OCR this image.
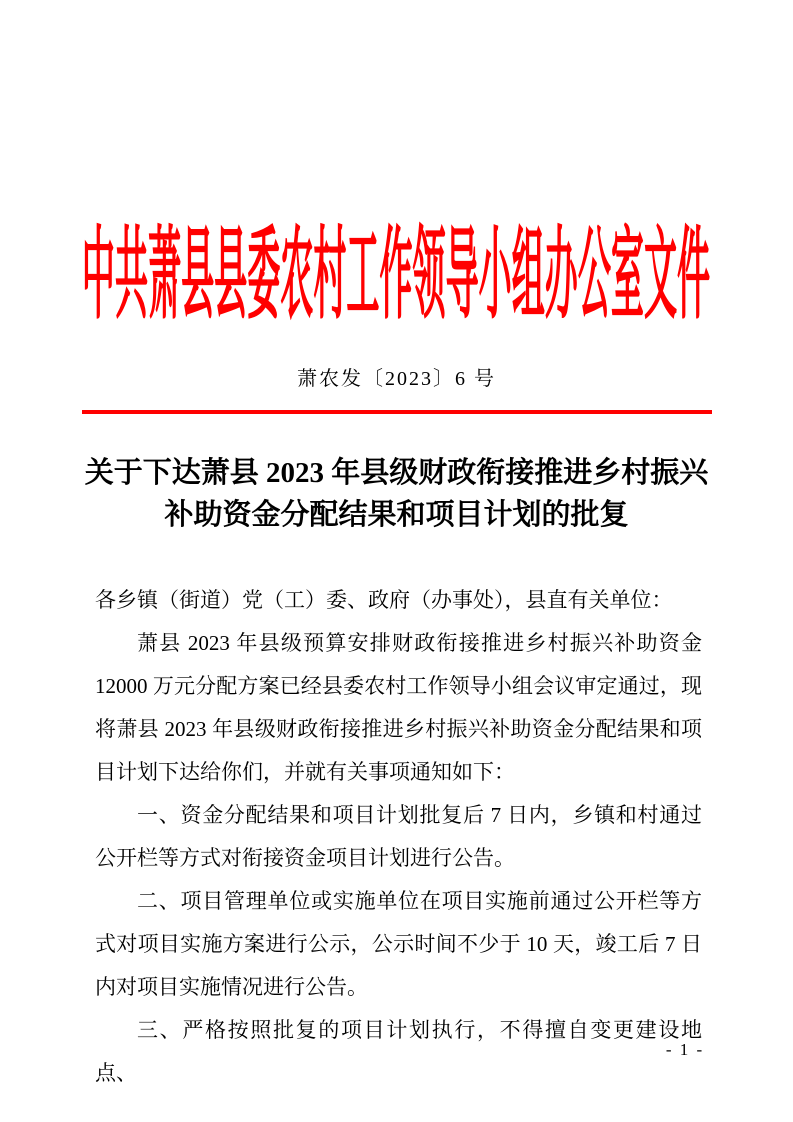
中共萧县县委农村工作领导小组办公室文件
萧农发〔2023〕6 号
关于下达萧县 2023 年县级财政衔接推进乡村振兴
补助资金分配结果和项目计划的批复

各乡镇（街道）党（工）委、政府（办事处），县直有关单位：

萧县 2023 年县级预算安排财政衔接推进乡村振兴补助资金 12000 万元分配方案已经县委农村工作领导小组会议审定通过，现将萧县 2023 年县级财政衔接推进乡村振兴补助资金分配结果和项目计划下达给你们，并就有关事项通知如下：

一、资金分配结果和项目计划批复后 7 日内，乡镇和村通过公开栏等方式对衔接资金项目计划进行公告。

二、项目管理单位或实施单位在项目实施前通过公开栏等方式对项目实施方案进行公示，公示时间不少于 10 天，竣工后 7 日内对项目实施情况进行公告。

三、严格按照批复的项目计划执行，不得擅自变更建设地点、

- 1 -
